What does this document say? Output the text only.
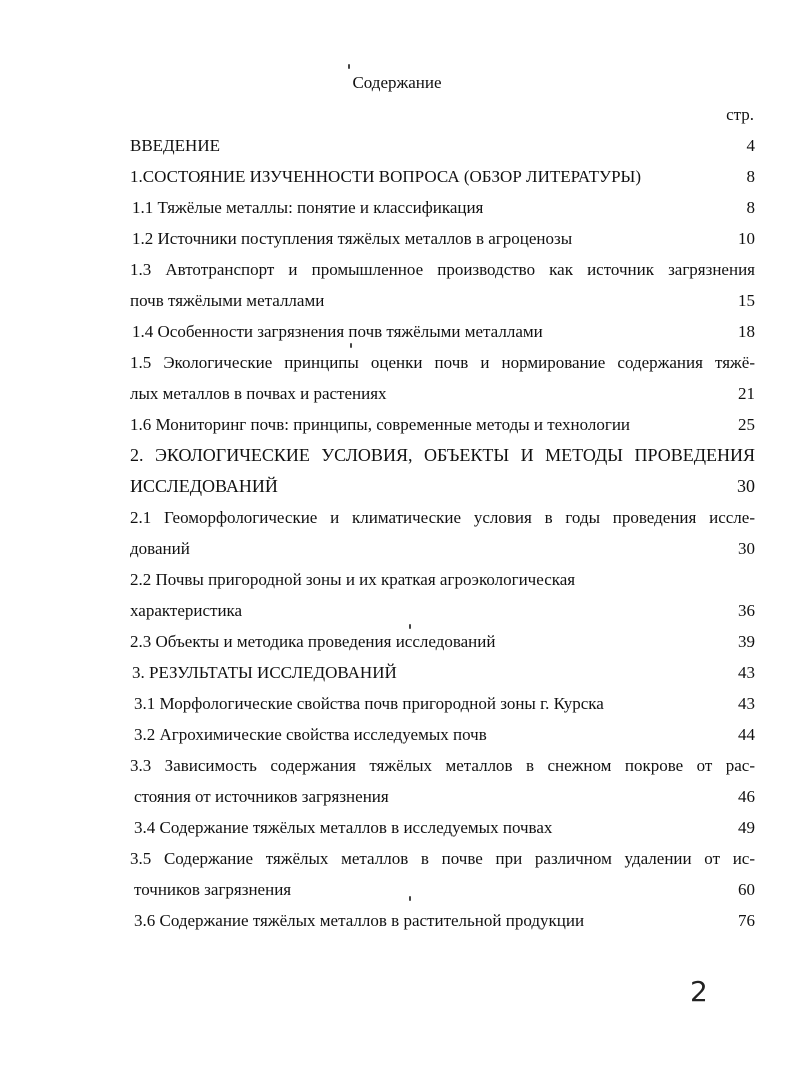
Содержание
стр.
ВВЕДЕНИЕ	4
1.СОСТОЯНИЕ ИЗУЧЕННОСТИ ВОПРОСА (ОБЗОР ЛИТЕРАТУРЫ)	8
1.1 Тяжёлые металлы: понятие и классификация	8
1.2 Источники поступления тяжёлых металлов в агроценозы	10
1.3 Автотранспорт и промышленное производство как источник загрязнения
почв тяжёлыми металлами	15
1.4 Особенности загрязнения почв тяжёлыми металлами	18
1.5 Экологические принципы оценки почв и нормирование содержания тяжё-
лых металлов в почвах и растениях	21
1.6 Мониторинг почв: принципы, современные методы и технологии	25
2. ЭКОЛОГИЧЕСКИЕ УСЛОВИЯ, ОБЪЕКТЫ И МЕТОДЫ ПРОВЕДЕНИЯ
ИССЛЕДОВАНИЙ	30
2.1 Геоморфологические и климатические условия в годы проведения иссле-
дований	30
2.2 Почвы пригородной зоны и их краткая агроэкологическая
характеристика	36
2.3 Объекты и методика проведения исследований	39
3. РЕЗУЛЬТАТЫ ИССЛЕДОВАНИЙ	43
3.1 Морфологические свойства почв пригородной зоны г. Курска	43
3.2 Агрохимические свойства исследуемых почв	44
3.3 Зависимость содержания тяжёлых металлов в снежном покрове от рас-
стояния от источников загрязнения	46
3.4 Содержание тяжёлых металлов в исследуемых почвах	49
3.5 Содержание тяжёлых металлов в почве при различном удалении от ис-
точников загрязнения	60
3.6 Содержание тяжёлых металлов в растительной продукции	76
2
